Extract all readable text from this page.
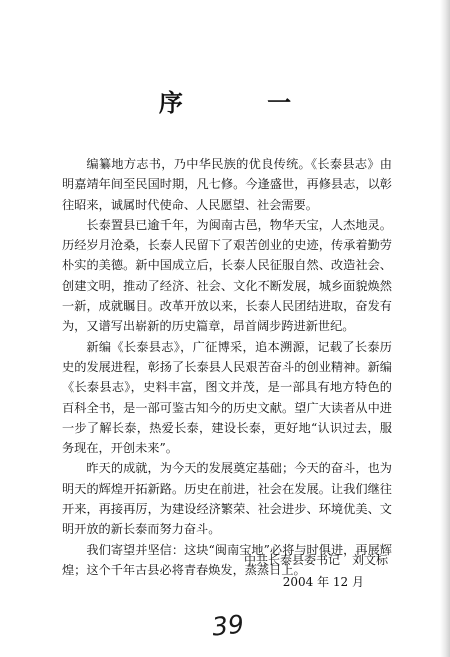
序 一

编纂地方志书，乃中华民族的优良传统。《长泰县志》由明嘉靖年间至民国时期，凡七修。今逢盛世，再修县志，以彰往昭来，诚属时代使命、人民愿望、社会需要。

长泰置县已逾千年，为闽南古邑，物华天宝，人杰地灵。历经岁月沧桑，长泰人民留下了艰苦创业的史迹，传承着勤劳朴实的美德。新中国成立后，长泰人民征服自然、改造社会、创建文明，推动了经济、社会、文化不断发展，城乡面貌焕然一新，成就瞩目。改革开放以来，长泰人民团结进取，奋发有为，又谱写出崭新的历史篇章，昂首阔步跨进新世纪。

新编《长泰县志》，广征博采，追本溯源，记载了长泰历史的发展进程，彰扬了长泰县人民艰苦奋斗的创业精神。新编《长泰县志》，史料丰富，图文并茂，是一部具有地方特色的百科全书，是一部可鉴古知今的历史文献。望广大读者从中进一步了解长泰，热爱长泰，建设长泰，更好地“认识过去，服务现在，开创未来”。

昨天的成就，为今天的发展奠定基础；今天的奋斗，也为明天的辉煌开拓新路。历史在前进，社会在发展。让我们继往开来，再接再厉，为建设经济繁荣、社会进步、环境优美、文明开放的新长泰而努力奋斗。

我们寄望并坚信：这块“闽南宝地”必将与时俱进，再展辉煌；这个千年古县必将青春焕发，蒸蒸日上。

中共长泰县委书记　刘文标
2004 年 12 月
39
